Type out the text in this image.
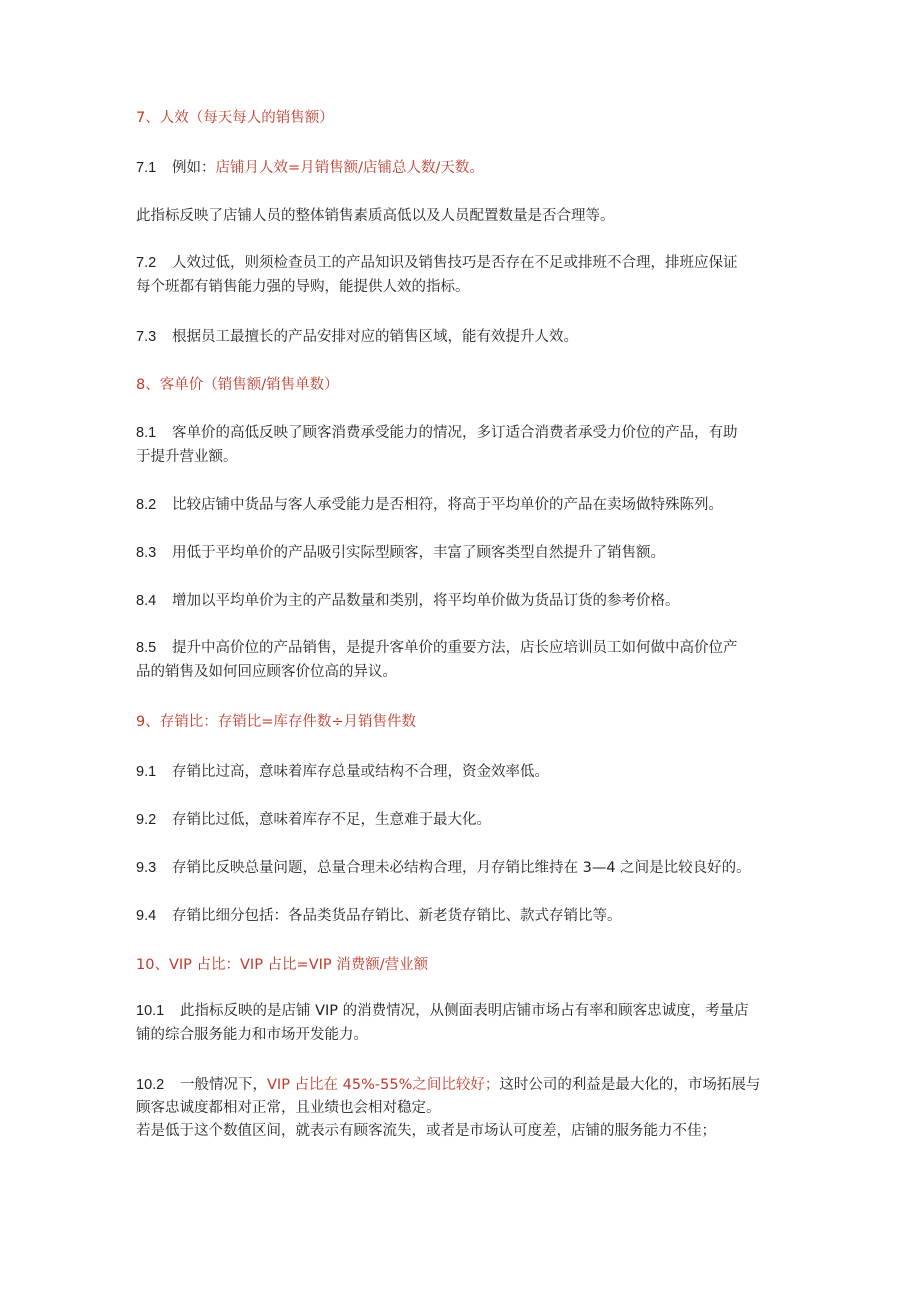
7、人效（每天每人的销售额）
7.1 例如：店铺月人效=月销售额/店铺总人数/天数。
此指标反映了店铺人员的整体销售素质高低以及人员配置数量是否合理等。
7.2 人效过低，则须检查员工的产品知识及销售技巧是否存在不足或排班不合理，排班应保证
每个班都有销售能力强的导购，能提供人效的指标。
7.3 根据员工最擅长的产品安排对应的销售区域，能有效提升人效。
8、客单价（销售额/销售单数）
8.1 客单价的高低反映了顾客消费承受能力的情况，多订适合消费者承受力价位的产品，有助
于提升营业额。
8.2 比较店铺中货品与客人承受能力是否相符，将高于平均单价的产品在卖场做特殊陈列。
8.3 用低于平均单价的产品吸引实际型顾客，丰富了顾客类型自然提升了销售额。
8.4 增加以平均单价为主的产品数量和类别，将平均单价做为货品订货的参考价格。
8.5 提升中高价位的产品销售，是提升客单价的重要方法，店长应培训员工如何做中高价位产
品的销售及如何回应顾客价位高的异议。
9、存销比：存销比=库存件数÷月销售件数
9.1 存销比过高，意味着库存总量或结构不合理，资金效率低。
9.2 存销比过低，意味着库存不足，生意难于最大化。
9.3 存销比反映总量问题，总量合理未必结构合理，月存销比维持在 3—4 之间是比较良好的。
9.4 存销比细分包括：各品类货品存销比、新老货存销比、款式存销比等。
10、VIP 占比：VIP 占比=VIP 消费额/营业额
10.1 此指标反映的是店铺 VIP 的消费情况，从侧面表明店铺市场占有率和顾客忠诚度，考量店
铺的综合服务能力和市场开发能力。
10.2 一般情况下，VIP 占比在 45%-55%之间比较好；这时公司的利益是最大化的，市场拓展与
顾客忠诚度都相对正常，且业绩也会相对稳定。
若是低于这个数值区间，就表示有顾客流失，或者是市场认可度差，店铺的服务能力不佳；
